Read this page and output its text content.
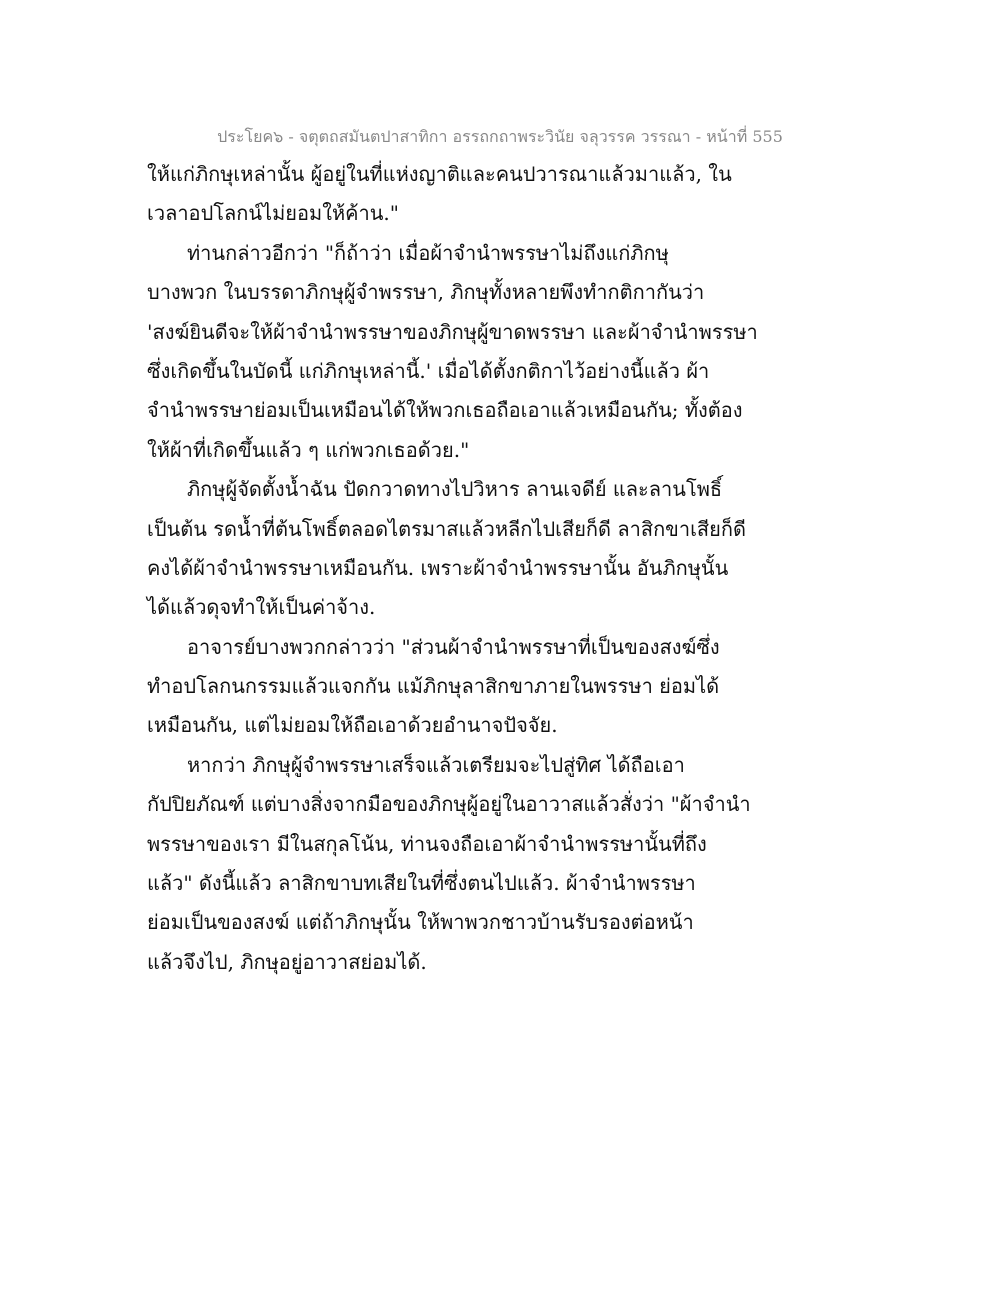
ประโยค๖ - จตุตถสมันตปาสาทิกา อรรถกถาพระวินัย จลุวรรค วรรณา - หน้าที่ 555
ให้แก่ภิกษุเหล่านั้น ผู้อยู่ในที่แห่งญาติและคนปวารณาแล้วมาแล้ว, ใน
เวลาอปโลกน์ไม่ยอมให้ค้าน."
ท่านกล่าวอีกว่า "ก็ถ้าว่า เมื่อผ้าจำนำพรรษาไม่ถึงแก่ภิกษุ
บางพวก ในบรรดาภิกษุผู้จำพรรษา, ภิกษุทั้งหลายพึงทำกติกากันว่า
'สงฆ์ยินดีจะให้ผ้าจำนำพรรษาของภิกษุผู้ขาดพรรษา และผ้าจำนำพรรษา
ซึ่งเกิดขึ้นในบัดนี้ แก่ภิกษุเหล่านี้.' เมื่อได้ตั้งกติกาไว้อย่างนี้แล้ว ผ้า
จำนำพรรษาย่อมเป็นเหมือนได้ให้พวกเธอถือเอาแล้วเหมือนกัน; ทั้งต้อง
ให้ผ้าที่เกิดขึ้นแล้ว ๆ แก่พวกเธอด้วย."
ภิกษุผู้จัดตั้งน้ำฉัน ปัดกวาดทางไปวิหาร ลานเจดีย์ และลานโพธิ์
เป็นต้น รดน้ำที่ต้นโพธิ์ตลอดไตรมาสแล้วหลีกไปเสียก็ดี ลาสิกขาเสียก็ดี
คงได้ผ้าจำนำพรรษาเหมือนกัน. เพราะผ้าจำนำพรรษานั้น อันภิกษุนั้น
ได้แล้วดุจทำให้เป็นค่าจ้าง.
อาจารย์บางพวกกล่าวว่า "ส่วนผ้าจำนำพรรษาที่เป็นของสงฆ์ซึ่ง
ทำอปโลกนกรรมแล้วแจกกัน แม้ภิกษุลาสิกขาภายในพรรษา ย่อมได้
เหมือนกัน, แต่ไม่ยอมให้ถือเอาด้วยอำนาจปัจจัย.
หากว่า ภิกษุผู้จำพรรษาเสร็จแล้วเตรียมจะไปสู่ทิศ ได้ถือเอา
กัปปิยภัณฑ์ แต่บางสิ่งจากมือของภิกษุผู้อยู่ในอาวาสแล้วสั่งว่า "ผ้าจำนำ
พรรษาของเรา มีในสกุลโน้น, ท่านจงถือเอาผ้าจำนำพรรษานั้นที่ถึง
แล้ว" ดังนี้แล้ว ลาสิกขาบทเสียในที่ซึ่งตนไปแล้ว. ผ้าจำนำพรรษา
ย่อมเป็นของสงฆ์ แต่ถ้าภิกษุนั้น ให้พาพวกชาวบ้านรับรองต่อหน้า
แล้วจึงไป, ภิกษุอยู่อาวาสย่อมได้.
